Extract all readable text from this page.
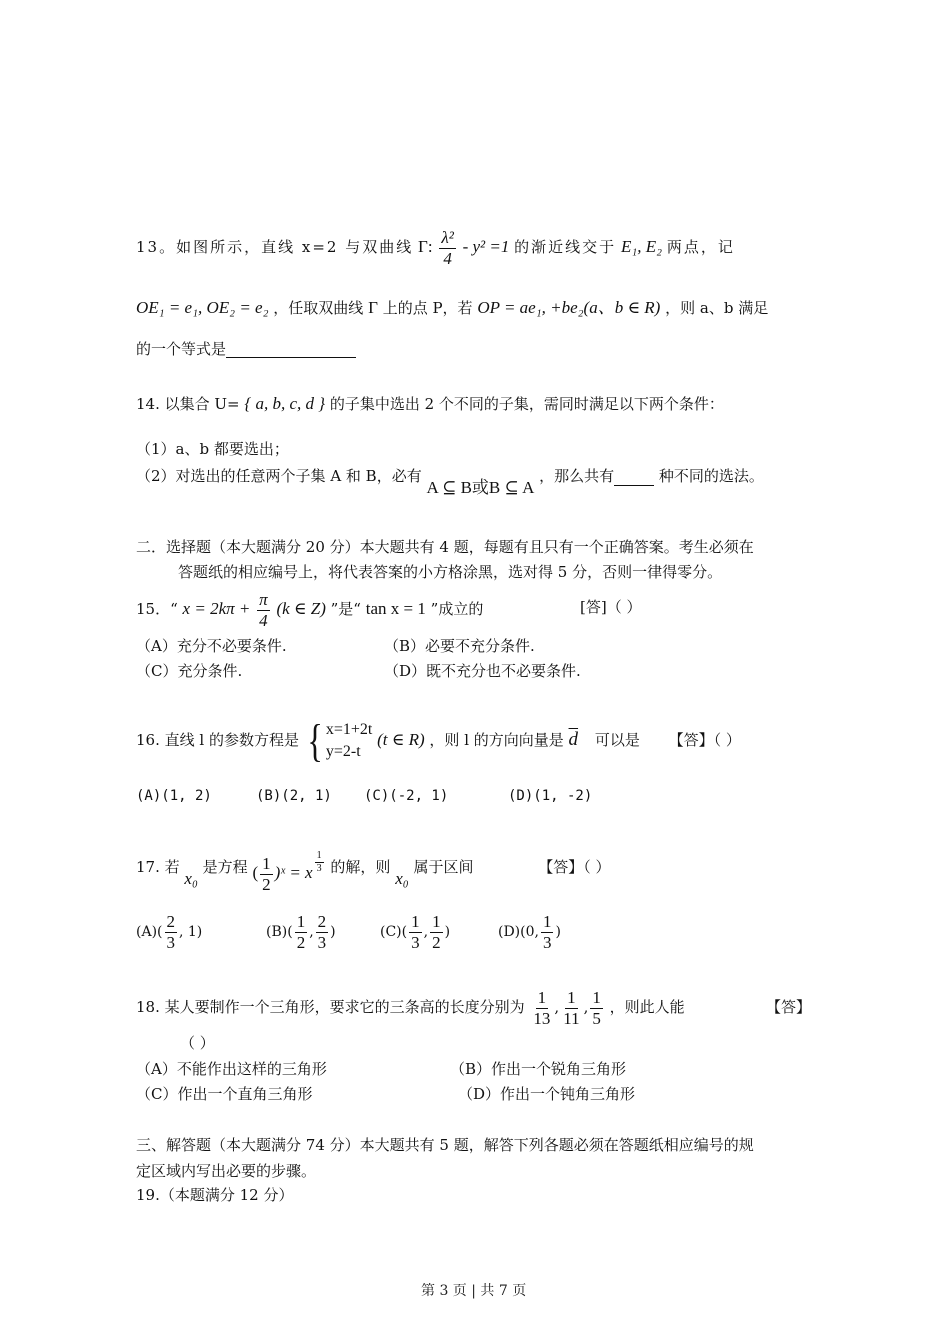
13。如图所示，直线 x=2 与双曲线 Γ: $\frac{\text{λ²}}{4} - y^2 =1$ 的渐近线交于 E₁, E₂ 两点，记
OE₁ = e₁, OE₂ = e₂ ，任取双曲线 Γ 上的点 P，若 OP = ae₁, +be₂(a、b ∈ R) ，则 a、b 满足
的一个等式是
14. 以集合 U= { a, b, c, d } 的子集中选出 2 个不同的子集，需同时满足以下两个条件：
（1）a、b 都要选出；
（2）对选出的任意两个子集 A 和 B，必有 A ⊆ B或B ⊆ A ，那么共有	种不同的选法。
二．选择题（本大题满分 20 分）本大题共有 4 题，每题有且只有一个正确答案。考生必须在
答题纸的相应编号上，将代表答案的小方格涂黑，选对得 5 分，否则一律得零分。
15．“ $x = 2k\pi + \frac{\pi}{4} (k$ ∈ Z) ”是“ tan x = 1 ”成立的	[答]（ ）
（A）充分不必要条件.	（B）必要不充分条件.
（C）充分条件.	（D）既不充分也不必要条件.
16. 直线 l 的参数方程是 { x=1+2t
y=2-t
(t ∈ R) ，则 l 的方向向量是 $\overline{d}$ 可以是 【答】（ ）
(A)(1, 2)	(B)(2, 1) (C)(-2, 1)	(D)(1, -2)
17. 若 x₀ 是方程 ( $\frac{1}{2}$ )ˣ = x $^{\frac{1}{3}}$ 的解，则 x₀ 属于区间	【答】（ ）
$(A)( \frac{2}{3}$ , 1)	$(B)( \frac{1}{2}$ , $\frac{2}{3}$ )	$(C)( \frac{1}{3}$ , $\frac{1}{2}$ )	(D)(0, $\frac{1}{3}$ )
18. 某人要制作一个三角形，要求它的三条高的长度分别为 $\frac{1}{13}$ , $\frac{1}{11}$ , $\frac{1}{5}$ ，则此人能	【答】
（ ）
（A）不能作出这样的三角形	（B）作出一个锐角三角形
（C）作出一个直角三角形	（D）作出一个钝角三角形
三、解答题（本大题满分 74 分）本大题共有 5 题，解答下列各题必须在答题纸相应编号的规
定区域内写出必要的步骤。
19.（本题满分 12 分）
第 3 页 | 共 7 页
